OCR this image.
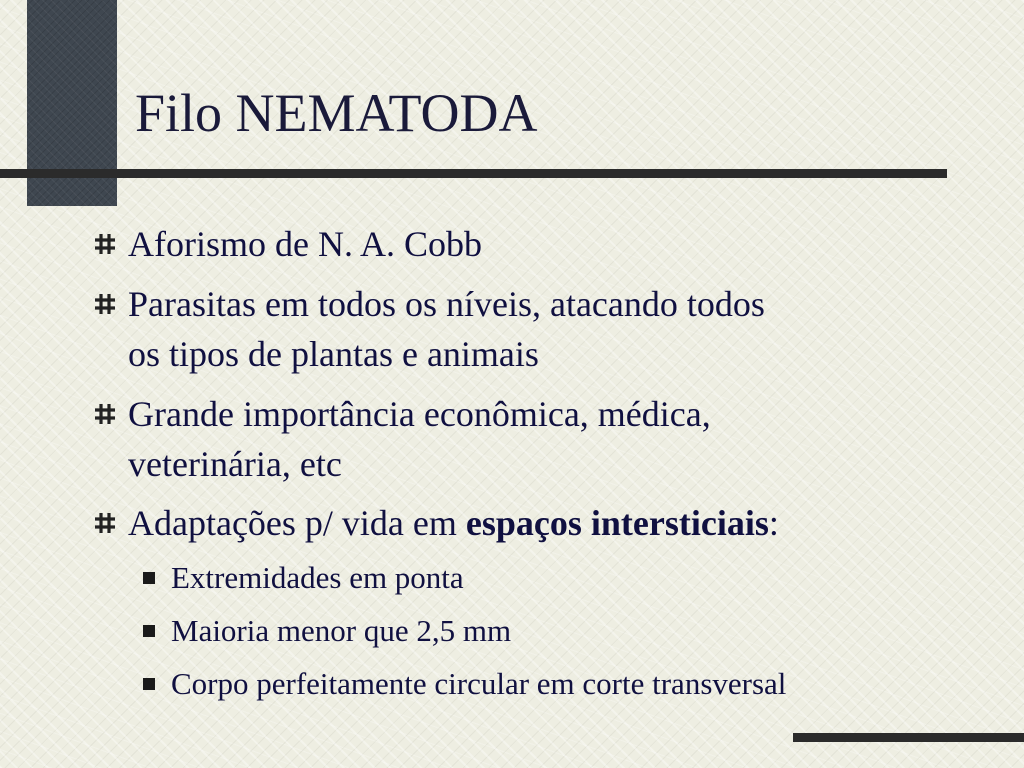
Filo NEMATODA
Aforismo de N. A. Cobb
Parasitas em todos os níveis, atacando todos
os tipos de plantas e animais
Grande importância econômica, médica,
veterinária, etc
Adaptações p/ vida em espaços intersticiais:
Extremidades em ponta
Maioria menor que 2,5 mm
Corpo perfeitamente circular em corte transversal
